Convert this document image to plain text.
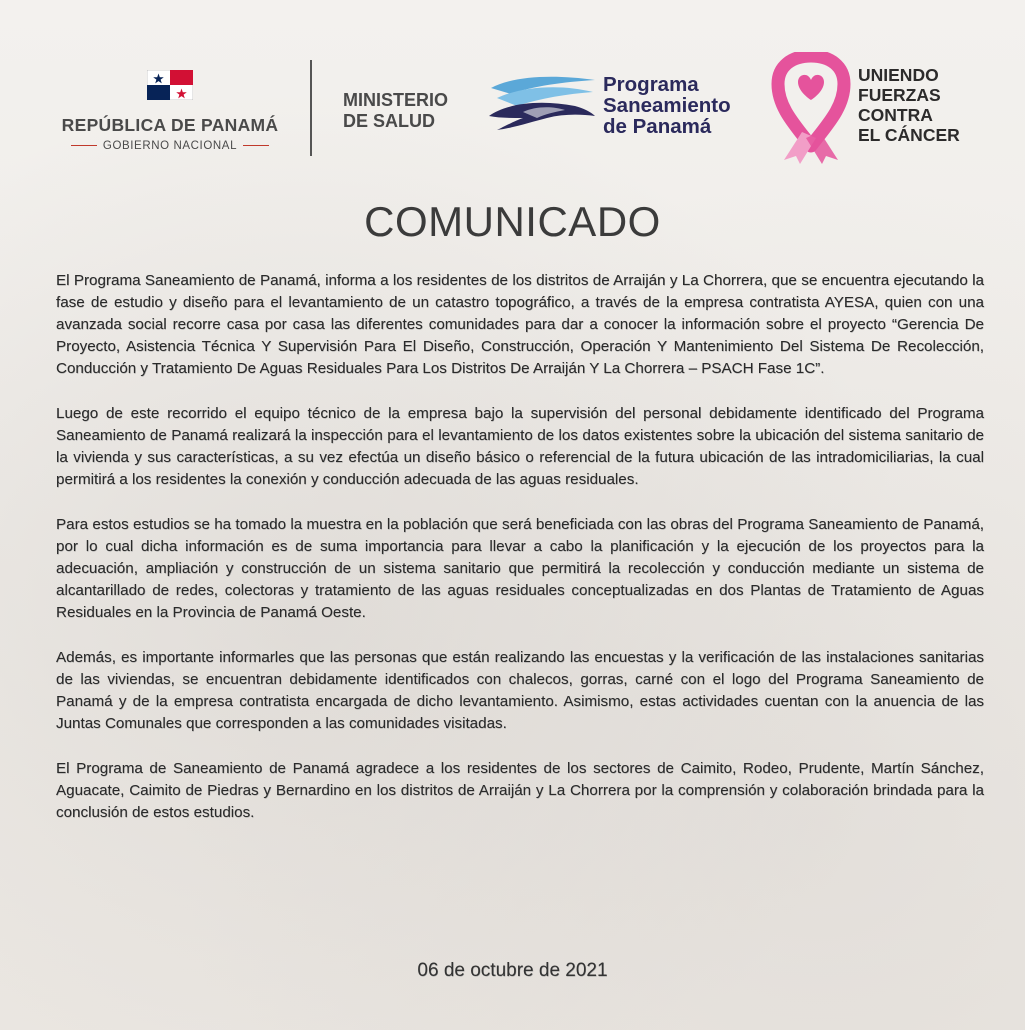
REPÚBLICA DE PANAMÁ
GOBIERNO NACIONAL
MINISTERIO
DE SALUD
Programa
Saneamiento
de Panamá
UNIENDO
FUERZAS
CONTRA
EL CÁNCER
COMUNICADO

El Programa Saneamiento de Panamá, informa a los residentes de los distritos de Arraiján y La Chorrera, que se encuentra ejecutando la fase de estudio y diseño para el levantamiento de un catastro topográfico, a través de la empresa contratista AYESA, quien con una avanzada social recorre casa por casa las diferentes comunidades para dar a conocer la información sobre el proyecto “Gerencia De Proyecto, Asistencia Técnica Y Supervisión Para El Diseño, Construcción, Operación Y Mantenimiento Del Sistema De Recolección, Conducción y Tratamiento De Aguas Residuales Para Los Distritos De Arraiján Y La Chorrera – PSACH Fase 1C”.

Luego de este recorrido el equipo técnico de la empresa bajo la supervisión del personal debidamente identificado del Programa Saneamiento de Panamá realizará la inspección para el levantamiento de los datos existentes sobre la ubicación del sistema sanitario de la vivienda y sus características, a su vez efectúa un diseño básico o referencial de la futura ubicación de las intradomiciliarias, la cual permitirá a los residentes la conexión y conducción adecuada de las aguas residuales.

Para estos estudios se ha tomado la muestra en la población que será beneficiada con las obras del Programa Saneamiento de Panamá, por lo cual dicha información es de suma importancia para llevar a cabo la planificación y la ejecución de los proyectos para la adecuación, ampliación y construcción de un sistema sanitario que permitirá la recolección y conducción mediante un sistema de alcantarillado de redes, colectoras y tratamiento de las aguas residuales conceptualizadas en dos Plantas de Tratamiento de Aguas Residuales en la Provincia de Panamá Oeste.

Además, es importante informarles que las personas que están realizando las encuestas y la verificación de las instalaciones sanitarias de las viviendas, se encuentran debidamente identificados con chalecos, gorras, carné con el logo del Programa Saneamiento de Panamá y de la empresa contratista encargada de dicho levantamiento. Asimismo, estas actividades cuentan con la anuencia de las Juntas Comunales que corresponden a las comunidades visitadas.

El Programa de Saneamiento de Panamá agradece a los residentes de los sectores de Caimito, Rodeo, Prudente, Martín Sánchez, Aguacate, Caimito de Piedras y Bernardino en los distritos de Arraiján y La Chorrera por la comprensión y colaboración brindada para la conclusión de estos estudios.

06 de octubre de 2021
